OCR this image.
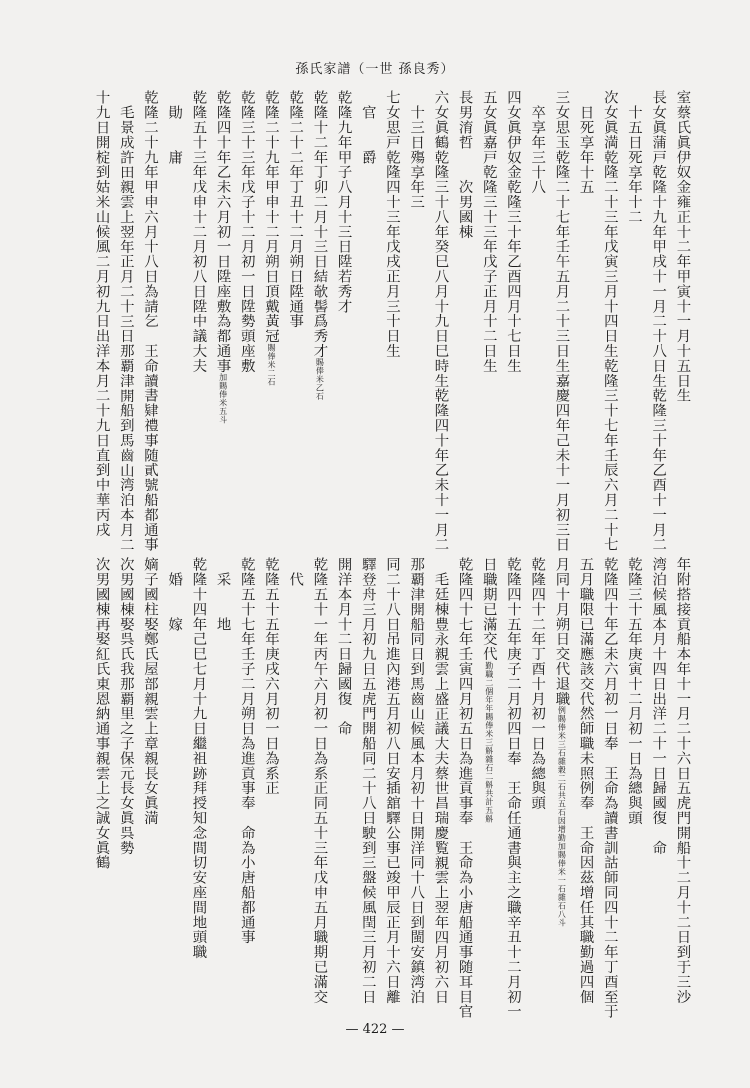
孫氏家譜（一世 孫良秀）
室蔡氏眞伊奴金雍正十二年甲寅十一月十五日生
長女眞蒲戸乾隆十九年甲戌十一月二十八日生乾隆三十年乙酉十一月二
十五日死享年十二
次女眞満乾隆二十三年戊寅三月十四日生乾隆三十七年壬辰六月二十七
日死享年十五
三女思玉乾隆二十七年壬午五月二十三日生嘉慶四年己未十一月初三日
卒享年三十八
四女眞伊奴金乾隆三十年乙酉四月十七日生
五女眞嘉戸乾隆三十三年戊子正月十二日生
長男淯哲　　次男國棟
六女眞鶴乾隆三十八年癸巳八月十九日巳時生乾隆四十年乙未十一月二
十三日殤享年三
七女思戸乾隆四十三年戊戌正月三十日生
官　爵
乾隆九年甲子八月十三日陞若秀才
乾隆十二年丁卯二月十三日結欹髻爲秀才賜俸米乙石
乾隆二十二年丁丑十二月朔日陞通事
乾隆二十九年甲申十二月朔日頂戴黃冠賜俸米二石
乾隆三十三年戊子十二月初一日陞勢頭座敷
乾隆四十年乙未六月初一日陞座敷為都通事加賜俸米五斗
乾隆五十三年戊申十二月初八日陞中議大夫
勛　庸
乾隆二十九年甲申六月十八日為請乞　王命讀書肄禮事随貳號船都通事
毛景成許田親雲上翌年正月二十三日那覇津開船到馬齒山湾泊本月二
十九日開椗到姑米山候風二月初九日出洋本月二十九日直到中華丙戌
年附搭接貢船本年十一月二十六日五虎門開船十二月十二日到于三沙
湾泊候風本月十四日出洋二十一日歸國復　命
乾隆三十五年庚寅十二月初一日為總與頭
乾隆四十年乙未六月初一日奉　王命為讀書訓詁師同四十二年丁酉至于
五月職限已滿應該交代然師職未照例奉　王命因茲增任其職勤過四個
月同十月朔日交代退職例賜俸米三石雜穀二石共五石因增勤加賜俸米一石雜石八斗
乾隆四十二年丁酉十月初一日為總與頭
乾隆四十五年庚子二月初四日奉　王命任通書與主之職辛丑十二月初一
日職期已滿交代勤職二個年年賜俸米三斛雜石二斛共計五斛
乾隆四十七年壬寅四月初五日為進貢事奉　王命為小唐船通事随耳目官
毛廷棟豊永親雲上盛正議大夫蔡世昌瑞慶覧親雲上翌年四月初六日
那覇津開船同日到馬齒山候風本月初十日開洋同十八日到閩安鎮湾泊
同二十八日吊進內港五月初八日安插舘驛公事已竣甲辰正月十六日離
驛登舟三月初九日五虎門開船同二十八日駛到三盤候風閏三月初二日
開洋本月十二日歸國復　命
乾隆五十一年丙午六月初一日為系正同五十三年戊申五月職期已滿交
代
乾隆五十五年庚戌六月初一日為系正
乾隆五十七年壬子二月朔日為進貢事奉　命為小唐船都通事
采　地
乾隆十四年己巳七月十九日繼祖跡拜授知念間切安座間地頭職
婚　嫁
嫡子國柱娶鄭氏屋部親雲上章親長女眞満
次男國棟娶呉氏我那覇里之子保元長女眞呉勢
次男國棟再娶紅氏東恩納通事親雲上之誠女眞鶴
— 422 —
